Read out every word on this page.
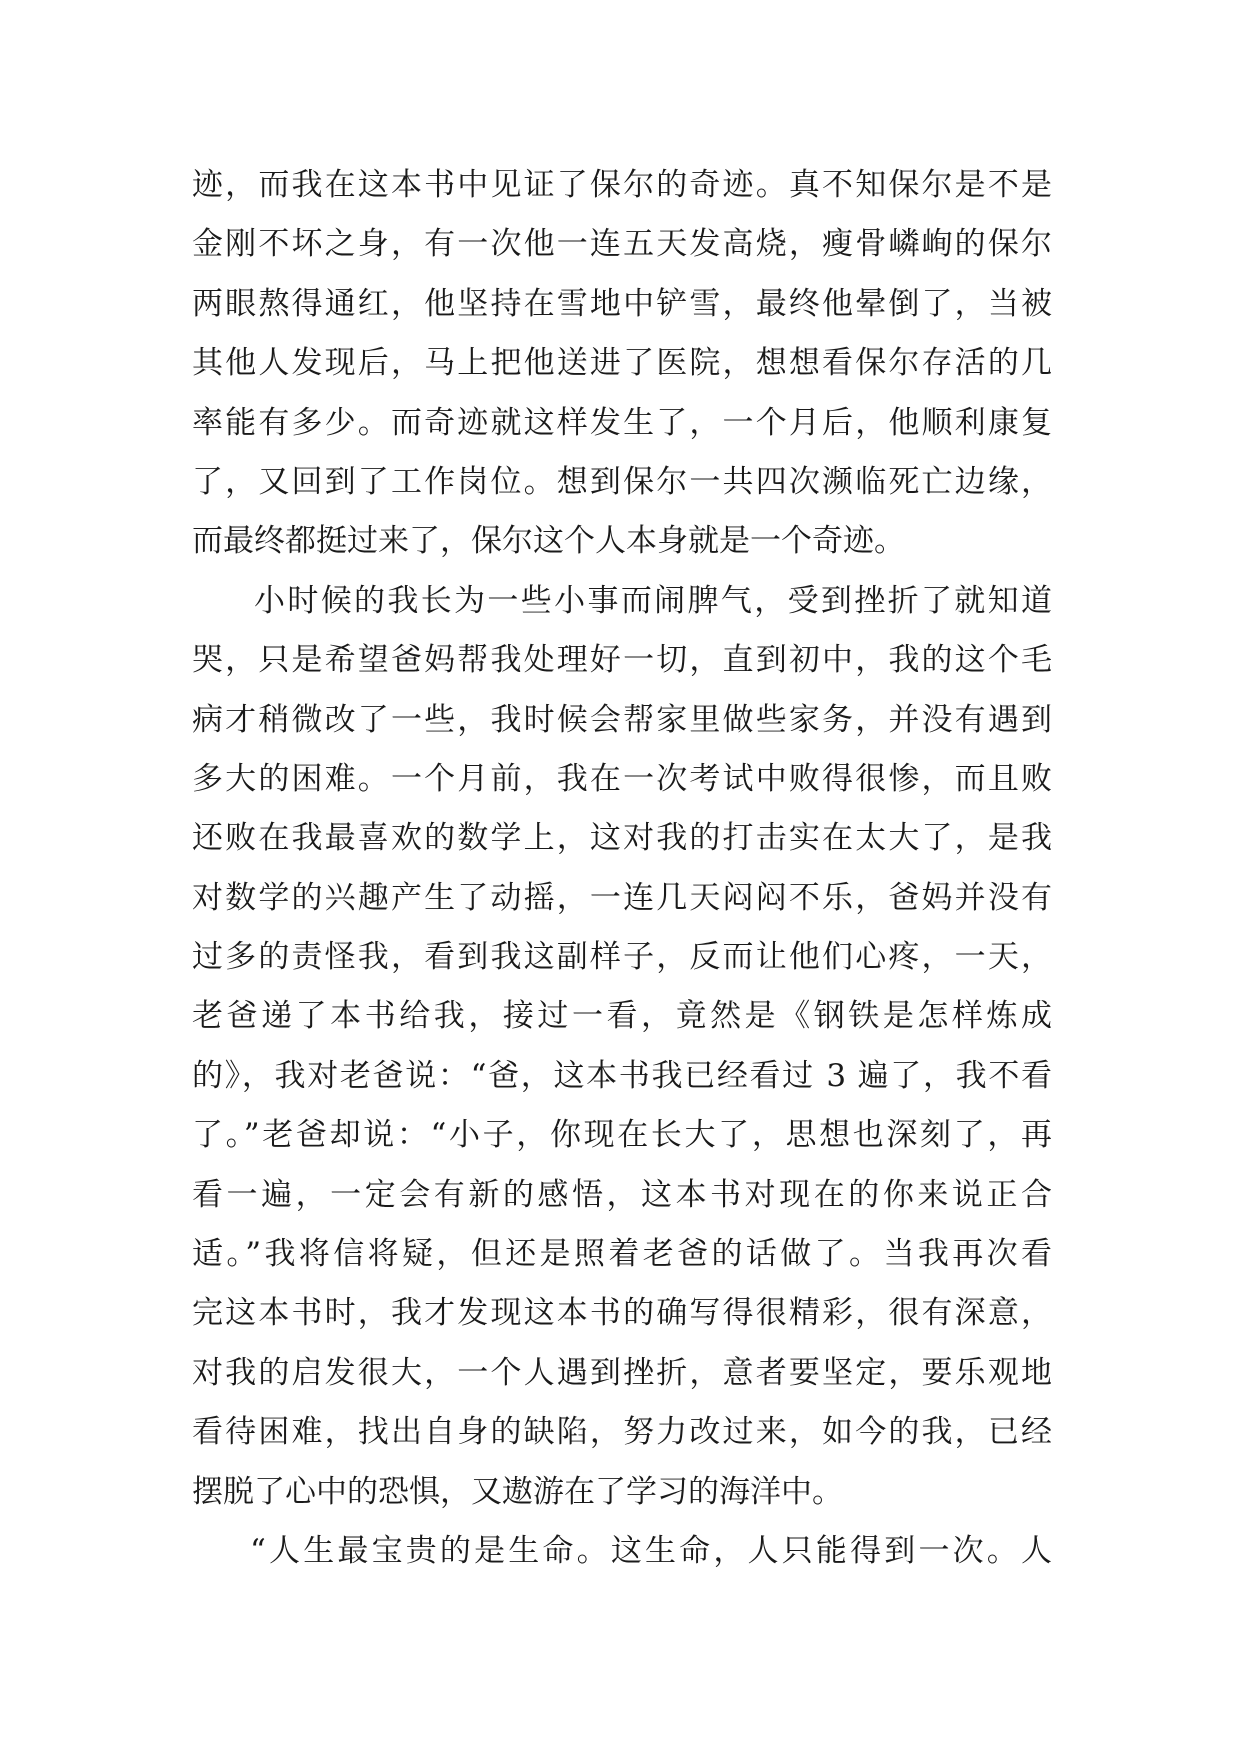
迹，而我在这本书中见证了保尔的奇迹。真不知保尔是不是
金刚不坏之身，有一次他一连五天发高烧，瘦骨嶙峋的保尔
两眼熬得通红，他坚持在雪地中铲雪，最终他晕倒了，当被
其他人发现后，马上把他送进了医院，想想看保尔存活的几
率能有多少。而奇迹就这样发生了，一个月后，他顺利康复
了，又回到了工作岗位。想到保尔一共四次濒临死亡边缘，
而最终都挺过来了，保尔这个人本身就是一个奇迹。
小时候的我长为一些小事而闹脾气，受到挫折了就知道
哭，只是希望爸妈帮我处理好一切，直到初中，我的这个毛
病才稍微改了一些，我时候会帮家里做些家务，并没有遇到
多大的困难。一个月前，我在一次考试中败得很惨，而且败
还败在我最喜欢的数学上，这对我的打击实在太大了，是我
对数学的兴趣产生了动摇，一连几天闷闷不乐，爸妈并没有
过多的责怪我，看到我这副样子，反而让他们心疼，一天，
老爸递了本书给我，接过一看，竟然是《钢铁是怎样炼成
的》，我对老爸说：“爸，这本书我已经看过 3 遍了，我不看
了。”老爸却说：“小子，你现在长大了，思想也深刻了，再
看一遍，一定会有新的感悟，这本书对现在的你来说正合
适。”我将信将疑，但还是照着老爸的话做了。当我再次看
完这本书时，我才发现这本书的确写得很精彩，很有深意，
对我的启发很大，一个人遇到挫折，意者要坚定，要乐观地
看待困难，找出自身的缺陷，努力改过来，如今的我，已经
摆脱了心中的恐惧，又遨游在了学习的海洋中。
“人生最宝贵的是生命。这生命，人只能得到一次。人
